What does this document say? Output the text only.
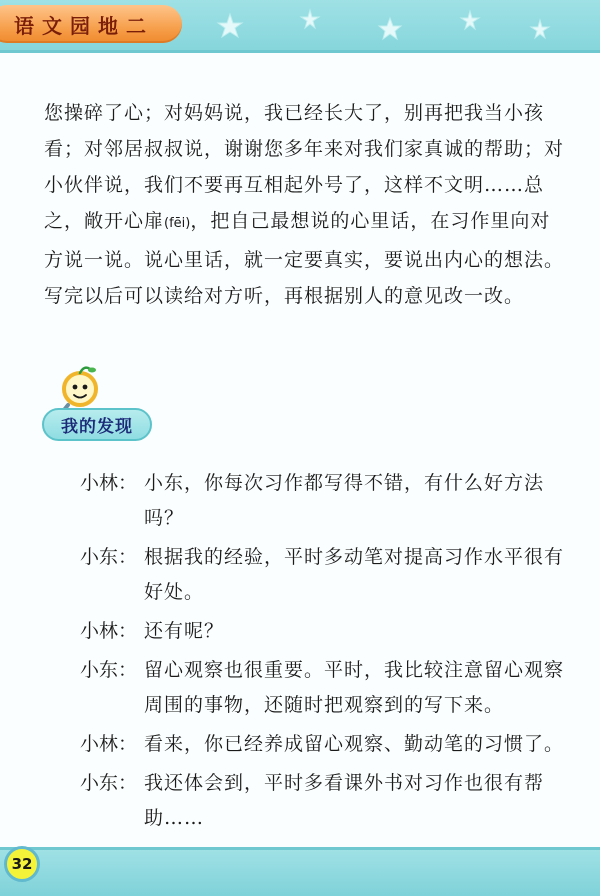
语文园地二

您操碎了心；对妈妈说，我已经长大了，别再把我当小孩看；对邻居叔叔说，谢谢您多年来对我们家真诚的帮助；对小伙伴说，我们不要再互相起外号了，这样不文明……总之，敞开心扉(fēi)，把自己最想说的心里话，在习作里向对方说一说。说心里话，就一定要真实，要说出内心的想法。写完以后可以读给对方听，再根据别人的意见改一改。

我的发现
小林： 小东，你每次习作都写得不错，有什么好方法吗？
小东： 根据我的经验，平时多动笔对提高习作水平很有好处。
小林： 还有呢？
小东： 留心观察也很重要。平时，我比较注意留心观察周围的事物，还随时把观察到的写下来。
小林： 看来，你已经养成留心观察、勤动笔的习惯了。
小东： 我还体会到，平时多看课外书对习作也很有帮助……
32
